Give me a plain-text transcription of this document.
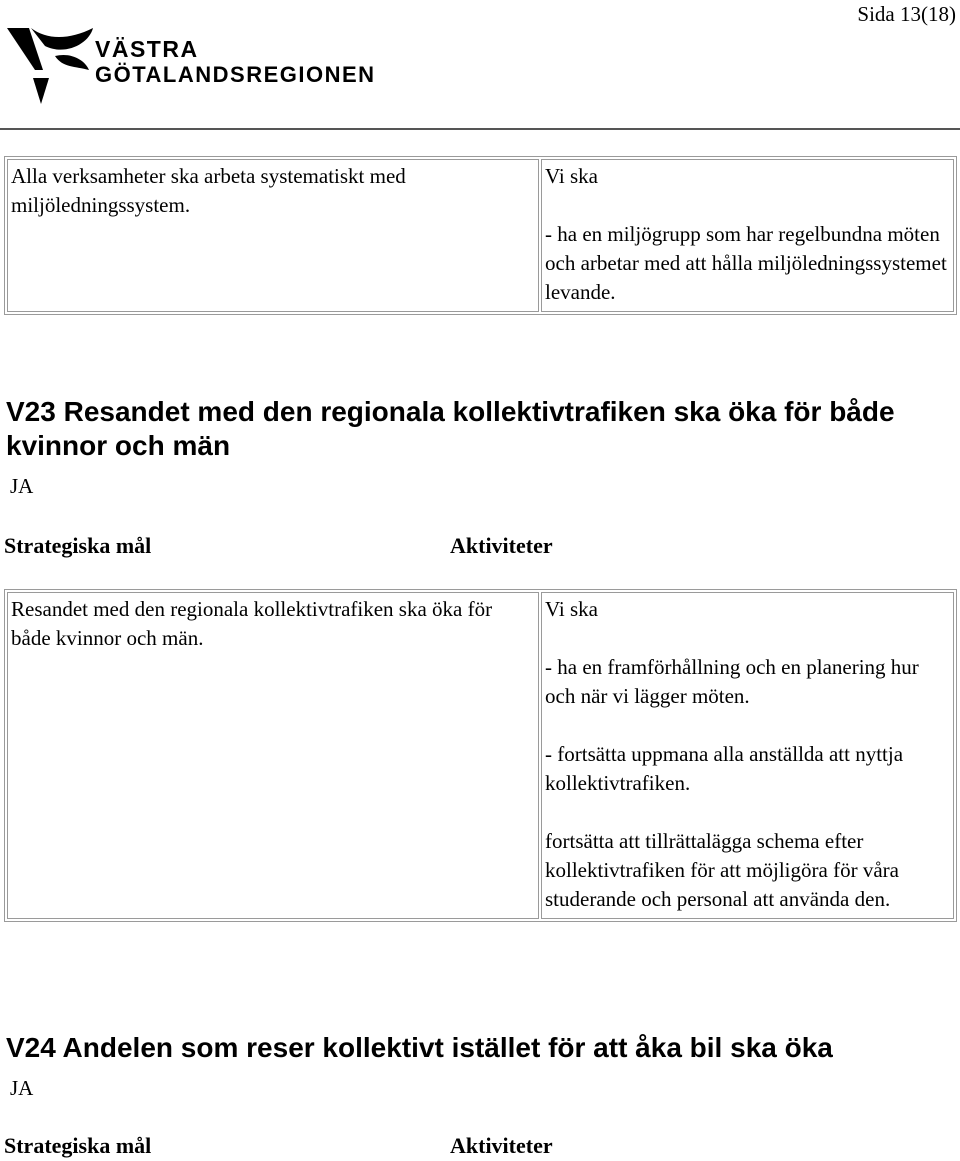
Sida 13(18)
VÄSTRA
GÖTALANDSREGIONEN

Alla verksamheter ska arbeta systematiskt med miljöledningssystem.

Vi ska

- ha en miljögrupp som har regelbundna möten och arbetar med att hålla miljöledningssystemet levande.

V23 Resandet med den regionala kollektivtrafiken ska öka för både kvinnor och män
JA
Strategiska mål	Aktiviteter

Resandet med den regionala kollektivtrafiken ska öka för både kvinnor och män.

Vi ska

- ha en framförhållning och en planering hur och när vi lägger möten.

- fortsätta uppmana alla anställda att nyttja kollektivtrafiken.

fortsätta att tillrättalägga schema efter kollektivtrafiken för att möjligöra för våra studerande och personal att använda den.

V24 Andelen som reser kollektivt istället för att åka bil ska öka
JA
Strategiska mål	Aktiviteter
